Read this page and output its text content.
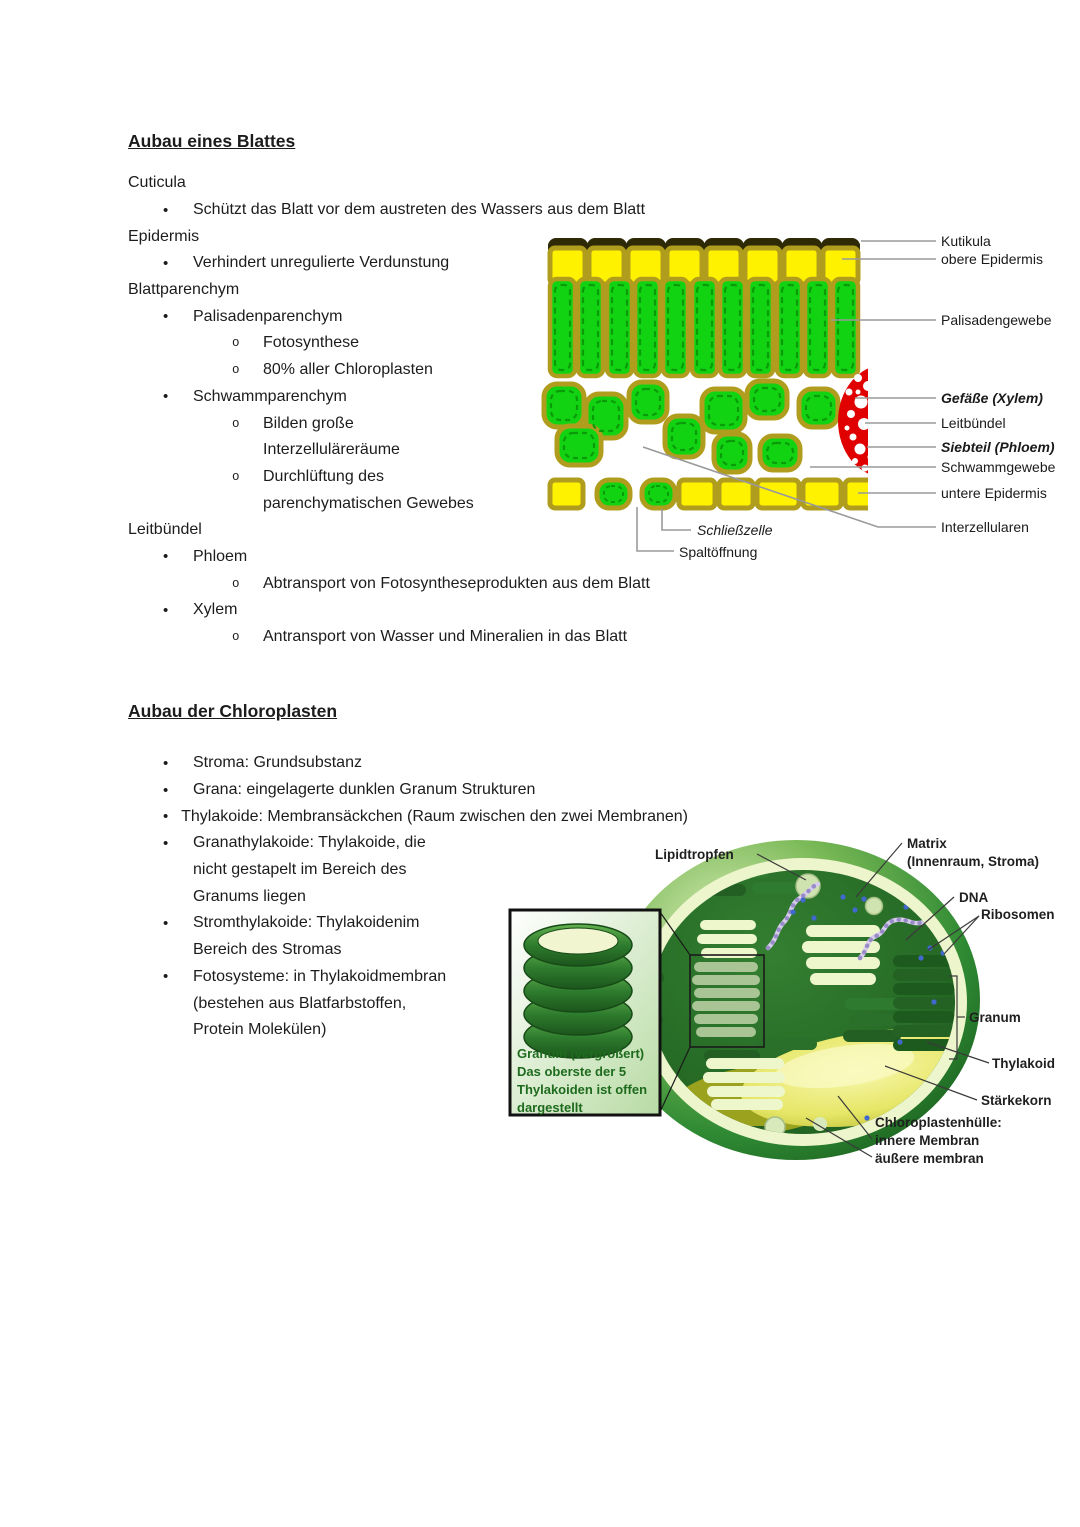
Aubau eines Blattes
Cuticula
•	Schützt das Blatt vor dem austreten des Wassers aus dem Blatt
Epidermis
•	Verhindert unregulierte Verdunstung
Blattparenchym
•	Palisadenparenchym
o	Fotosynthese
o	80% aller Chloroplasten
•	Schwammparenchym
o	Bilden große
Interzelluläreräume
o	Durchlüftung des
parenchymatischen Gewebes
Leitbündel
•	Phloem
o	Abtransport von Fotosyntheseprodukten aus dem Blatt
•	Xylem
o	Antransport von Wasser und Mineralien in das Blatt
Aubau der Chloroplasten
•	Stroma: Grundsubstanz
•	Grana: eingelagerte dunklen Granum Strukturen
• Thylakoide: Membransäckchen (Raum zwischen den zwei Membranen)
•	Granathylakoide: Thylakoide, die
nicht gestapelt im Bereich des
Granums liegen
•	Stromthylakoide: Thylakoidenim
Bereich des Stromas
•	Fotosysteme: in Thylakoidmembran
(bestehen aus Blatfarbstoffen,
Protein Molekülen)
Kutikula
obere Epidermis
Palisadengewebe
Gefäße (Xylem)
Leitbündel
Siebteil (Phloem)
Schwammgewebe
untere Epidermis
Interzellularen
Schließzelle
Spaltöffnung
Granum (vergrößert)
Das oberste der 5
Thylakoiden ist offen
dargestellt
Lipidtropfen
Matrix
(Innenraum, Stroma)
DNA
Ribosomen
Granum
Thylakoid
Stärkekorn
Chloroplastenhülle:
innere Membran
äußere membran
